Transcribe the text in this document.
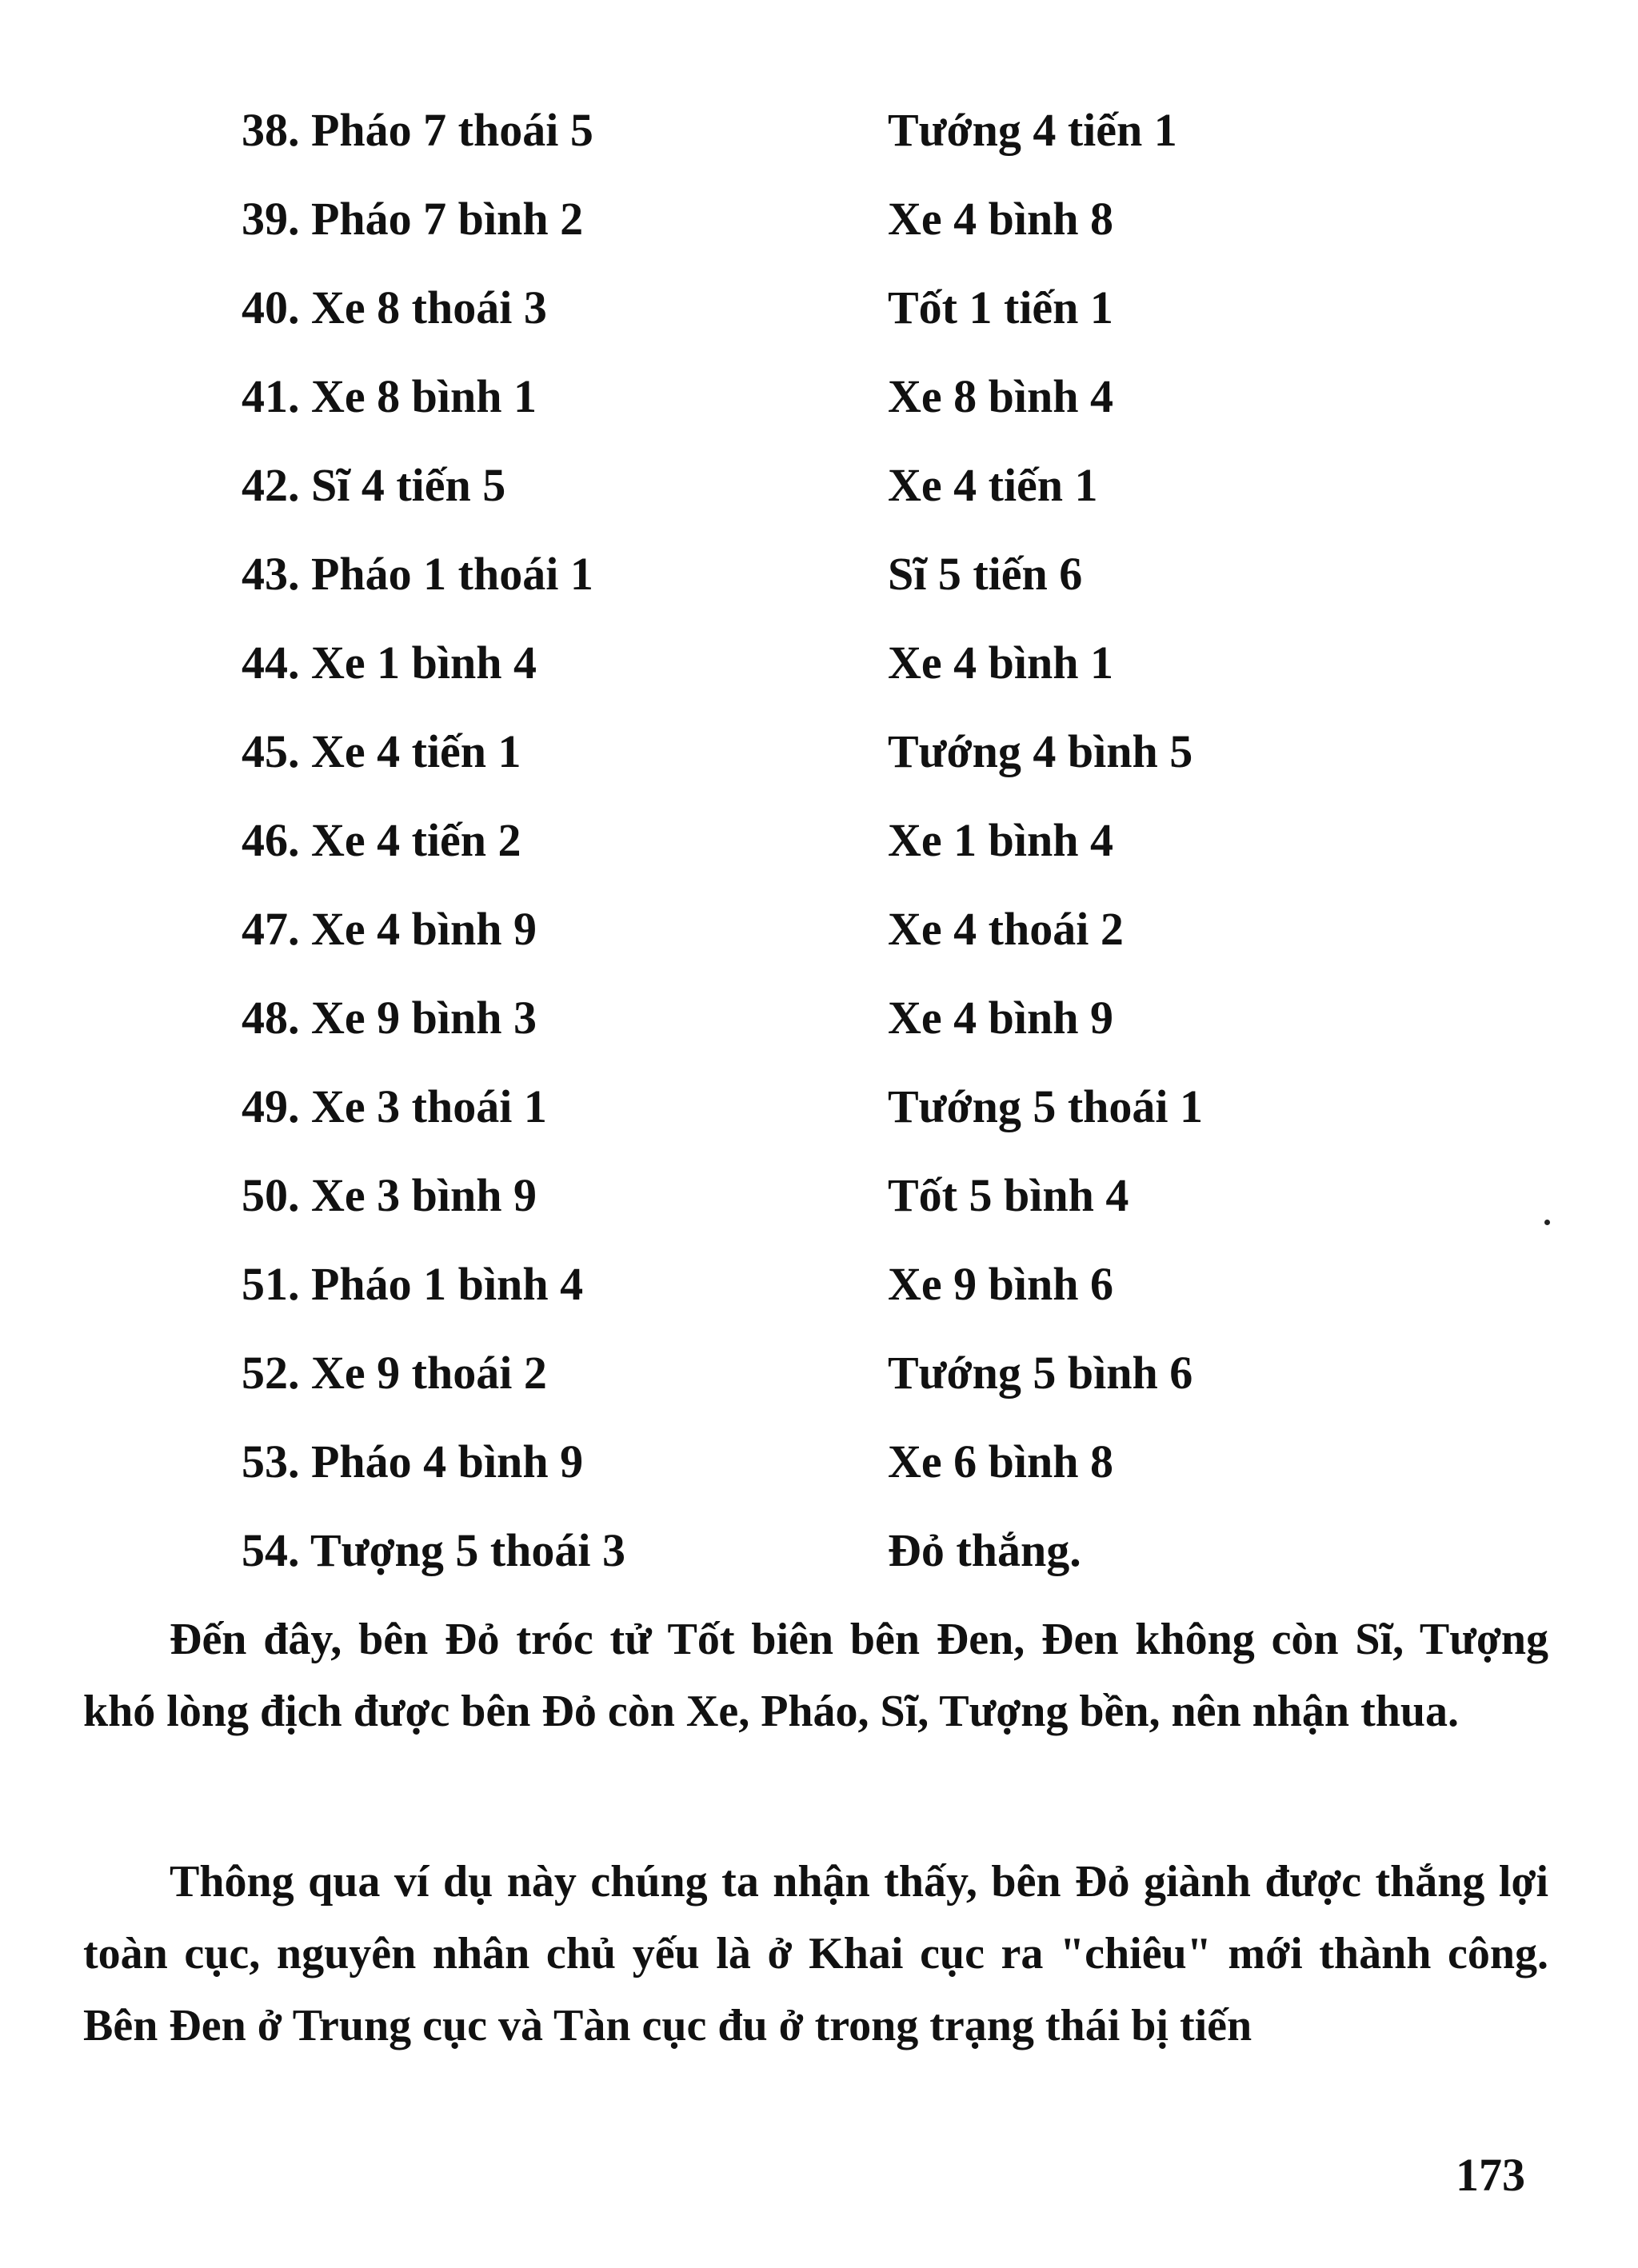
38. Pháo 7 thoái 5	Tướng 4 tiến 1
39. Pháo 7 bình 2	Xe 4 bình 8
40. Xe 8 thoái 3	Tốt 1 tiến 1
41. Xe 8 bình 1	Xe 8 bình 4
42. Sĩ 4 tiến 5	Xe 4 tiến 1
43. Pháo 1 thoái 1	Sĩ 5 tiến 6
44. Xe 1 bình 4	Xe 4 bình 1
45. Xe 4 tiến 1	Tướng 4 bình 5
46. Xe 4 tiến 2	Xe 1 bình 4
47. Xe 4 bình 9	Xe 4 thoái 2
48. Xe 9 bình 3	Xe 4 bình 9
49. Xe 3 thoái 1	Tướng 5 thoái 1
50. Xe 3 bình 9	Tốt 5 bình 4
51. Pháo 1 bình 4	Xe 9 bình 6
52. Xe 9 thoái 2	Tướng 5 bình 6
53. Pháo 4 bình 9	Xe 6 bình 8
54. Tượng 5 thoái 3	Đỏ thắng.

Đến đây, bên Đỏ tróc tử Tốt biên bên Đen, Đen không còn Sĩ, Tượng khó lòng địch được bên Đỏ còn Xe, Pháo, Sĩ, Tượng bền, nên nhận thua.

Thông qua ví dụ này chúng ta nhận thấy, bên Đỏ giành được thắng lợi toàn cục, nguyên nhân chủ yếu là ở Khai cục ra "chiêu" mới thành công. Bên Đen ở Trung cục và Tàn cục đu ở trong trạng thái bị tiến

173
